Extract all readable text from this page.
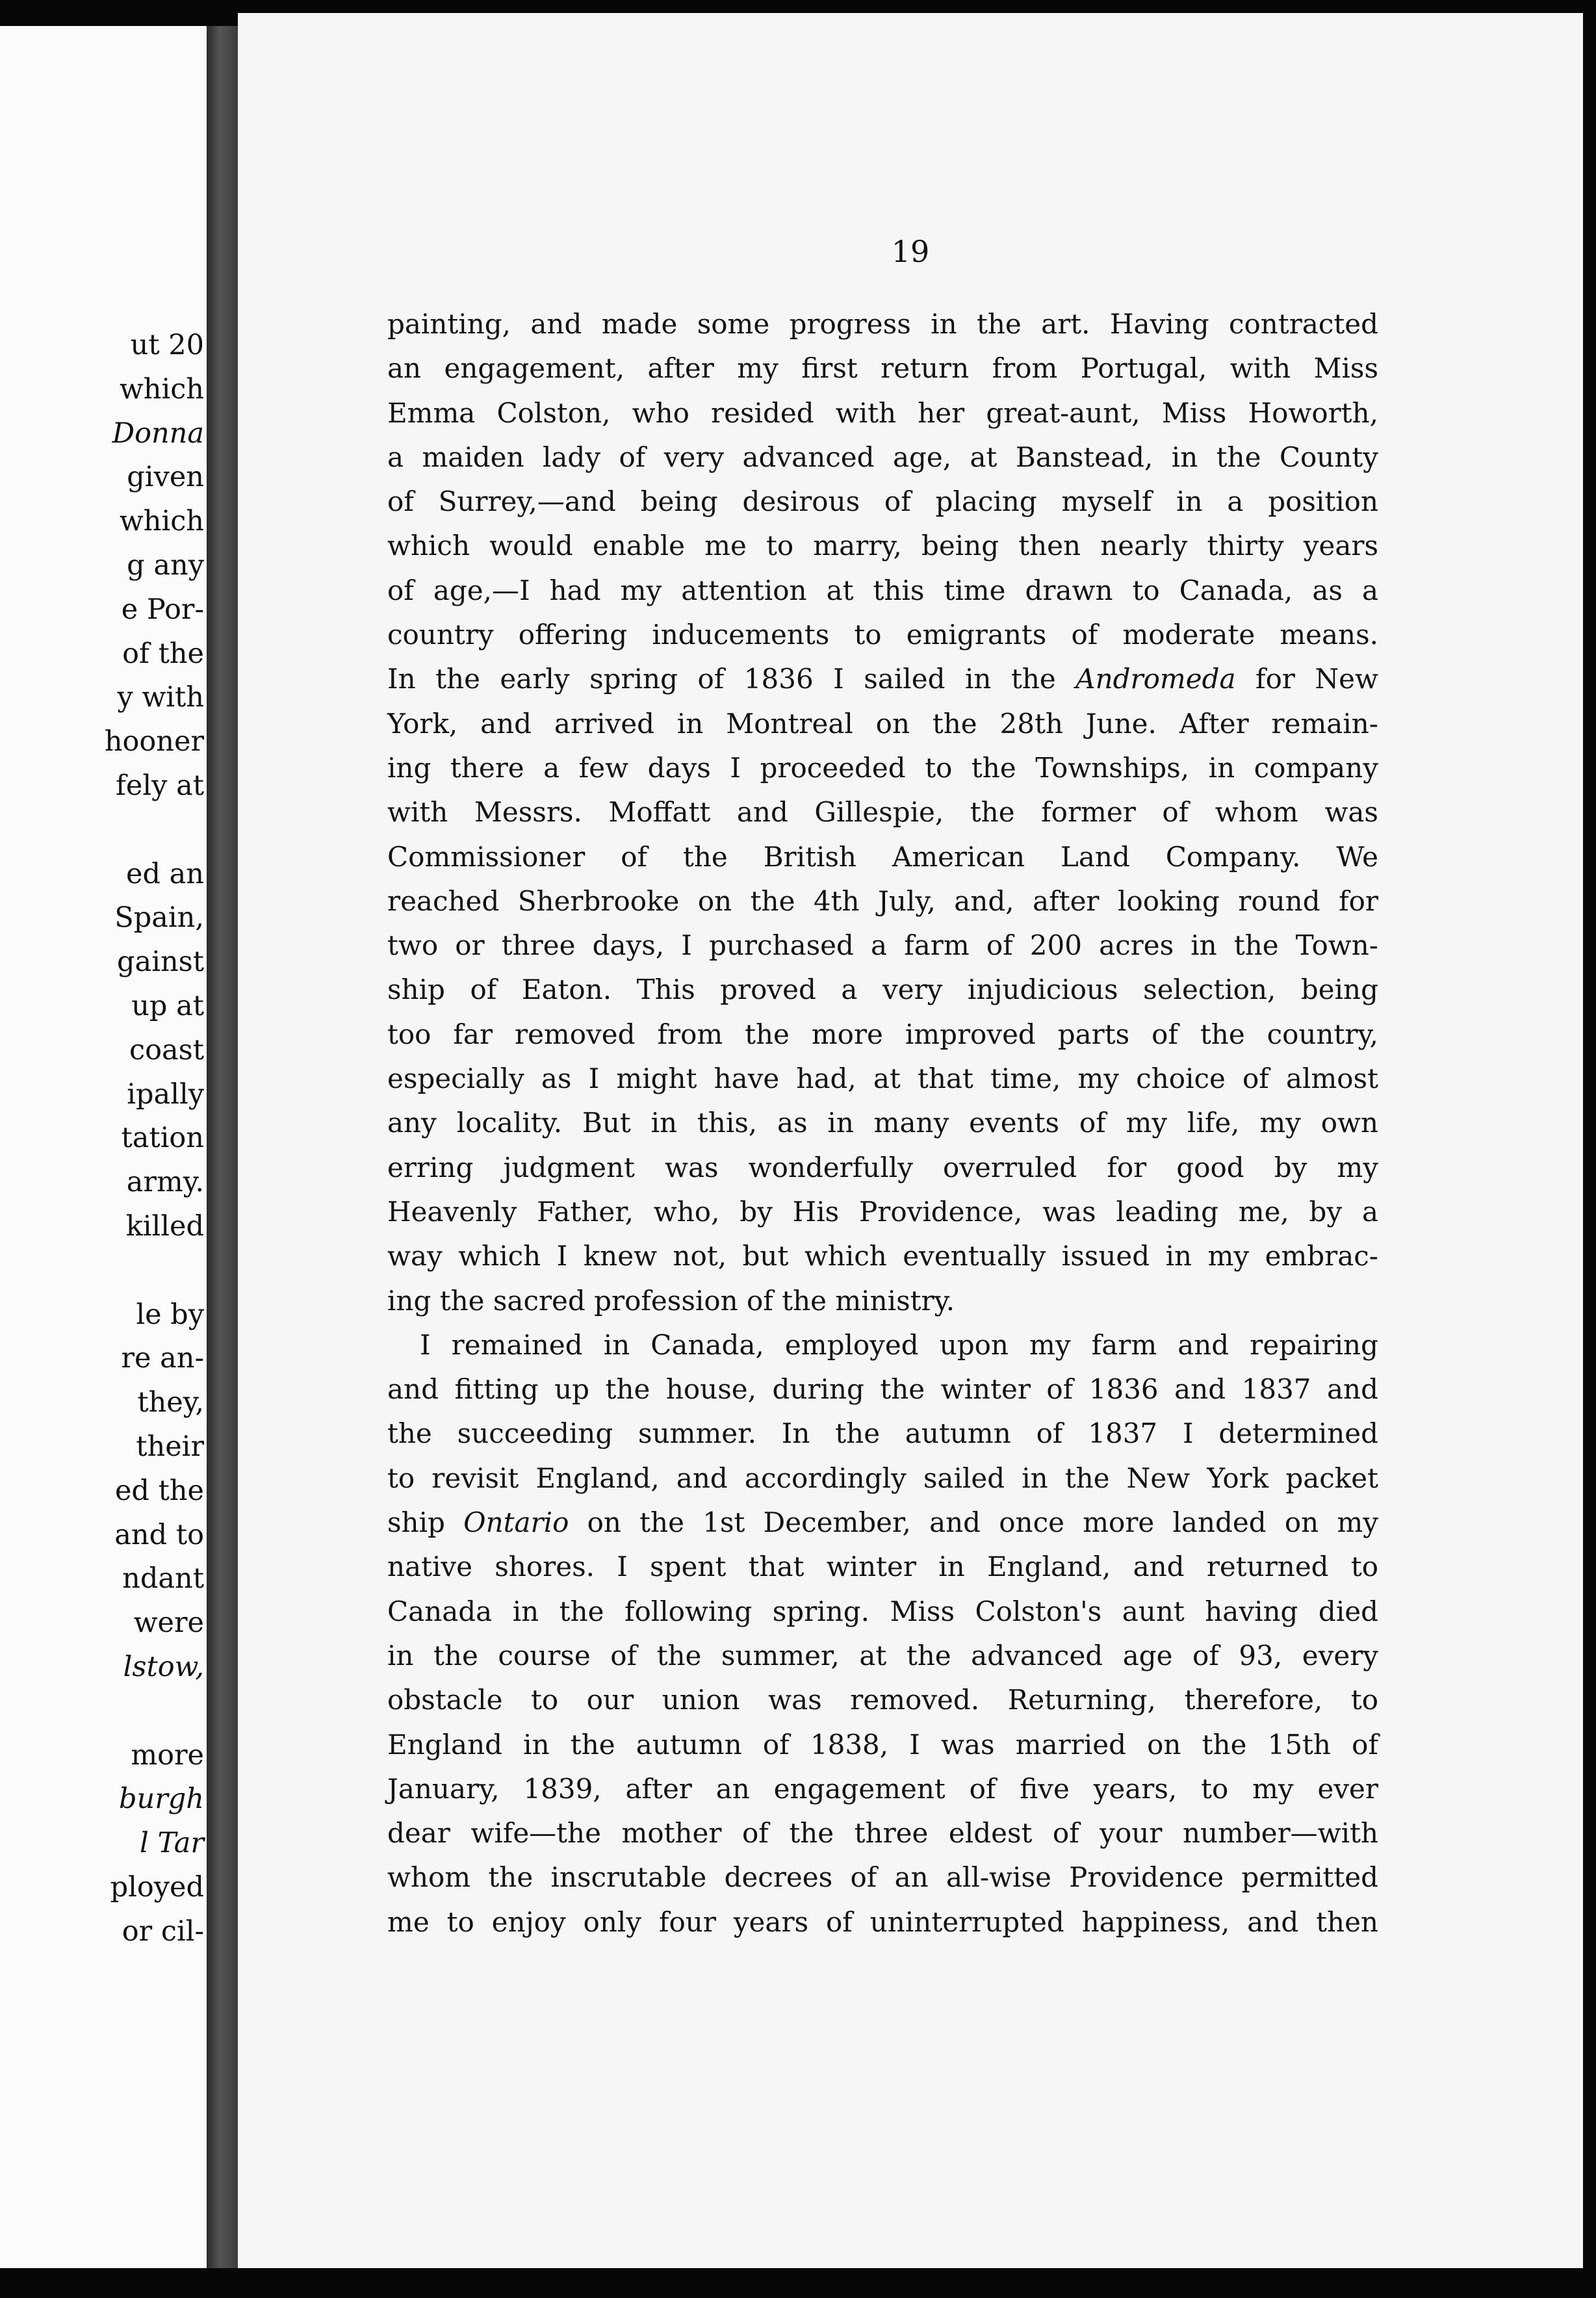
ut 20
which
Donna
given
which
g any
e Por-
of the
y with
hooner
fely at
ed an
Spain,
gainst
up at
coast
ipally
tation
army.
killed
le by
re an-
they,
their
ed the
and to
ndant
were
lstow,
more
burgh
l Tar
ployed
or cil-
19
painting, and made some progress in the art. Having contracted
an engagement, after my first return from Portugal, with Miss
Emma Colston, who resided with her great-aunt, Miss Howorth,
a maiden lady of very advanced age, at Banstead, in the County
of Surrey,—and being desirous of placing myself in a position
which would enable me to marry, being then nearly thirty years
of age,—I had my attention at this time drawn to Canada, as a
country offering inducements to emigrants of moderate means.
In the early spring of 1836 I sailed in the Andromeda for New
York, and arrived in Montreal on the 28th June. After remain-
ing there a few days I proceeded to the Townships, in company
with Messrs. Moffatt and Gillespie, the former of whom was
Commissioner of the British American Land Company. We
reached Sherbrooke on the 4th July, and, after looking round for
two or three days, I purchased a farm of 200 acres in the Town-
ship of Eaton. This proved a very injudicious selection, being
too far removed from the more improved parts of the country,
especially as I might have had, at that time, my choice of almost
any locality. But in this, as in many events of my life, my own
erring judgment was wonderfully overruled for good by my
Heavenly Father, who, by His Providence, was leading me, by a
way which I knew not, but which eventually issued in my embrac-
ing the sacred profession of the ministry.
I remained in Canada, employed upon my farm and repairing
and fitting up the house, during the winter of 1836 and 1837 and
the succeeding summer. In the autumn of 1837 I determined
to revisit England, and accordingly sailed in the New York packet
ship Ontario on the 1st December, and once more landed on my
native shores. I spent that winter in England, and returned to
Canada in the following spring. Miss Colston's aunt having died
in the course of the summer, at the advanced age of 93, every
obstacle to our union was removed. Returning, therefore, to
England in the autumn of 1838, I was married on the 15th of
January, 1839, after an engagement of five years, to my ever
dear wife—the mother of the three eldest of your number—with
whom the inscrutable decrees of an all-wise Providence permitted
me to enjoy only four years of uninterrupted happiness, and then
